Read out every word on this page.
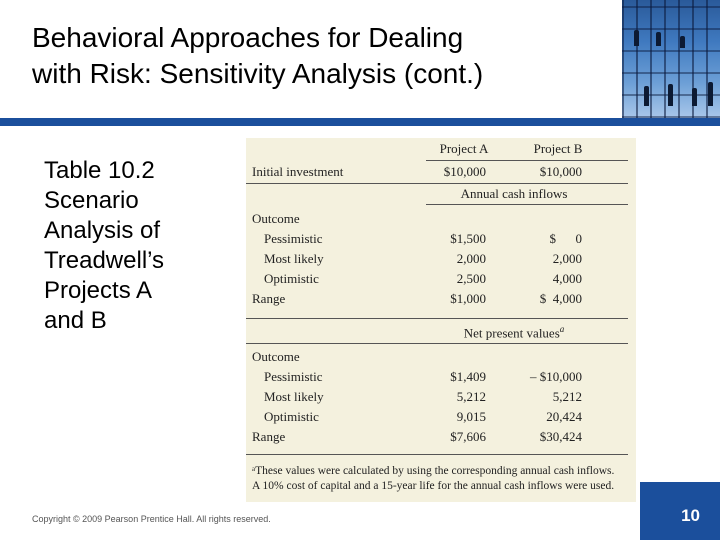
Behavioral Approaches for Dealing
with Risk: Sensitivity Analysis (cont.)
Table 10.2
Scenario
Analysis of
Treadwell’s
Projects A
and B
Project A	Project B
Initial investment	$10,000	$10,000
Annual cash inflows
Outcome
Pessimistic	$1,500	$      0
Most likely	2,000	2,000
Optimistic	2,500	4,000
Range	$1,000	$  4,000
Net present values$^a$
Outcome
Pessimistic	$1,409	– $10,000
Most likely	5,212	5,212
Optimistic	9,015	20,424
Range	$7,606	$30,424
ᵃThese values were calculated by using the corresponding annual cash inflows.
A 10% cost of capital and a 15-year life for the annual cash inflows were used.
Copyright © 2009 Pearson Prentice Hall. All rights reserved.	10
